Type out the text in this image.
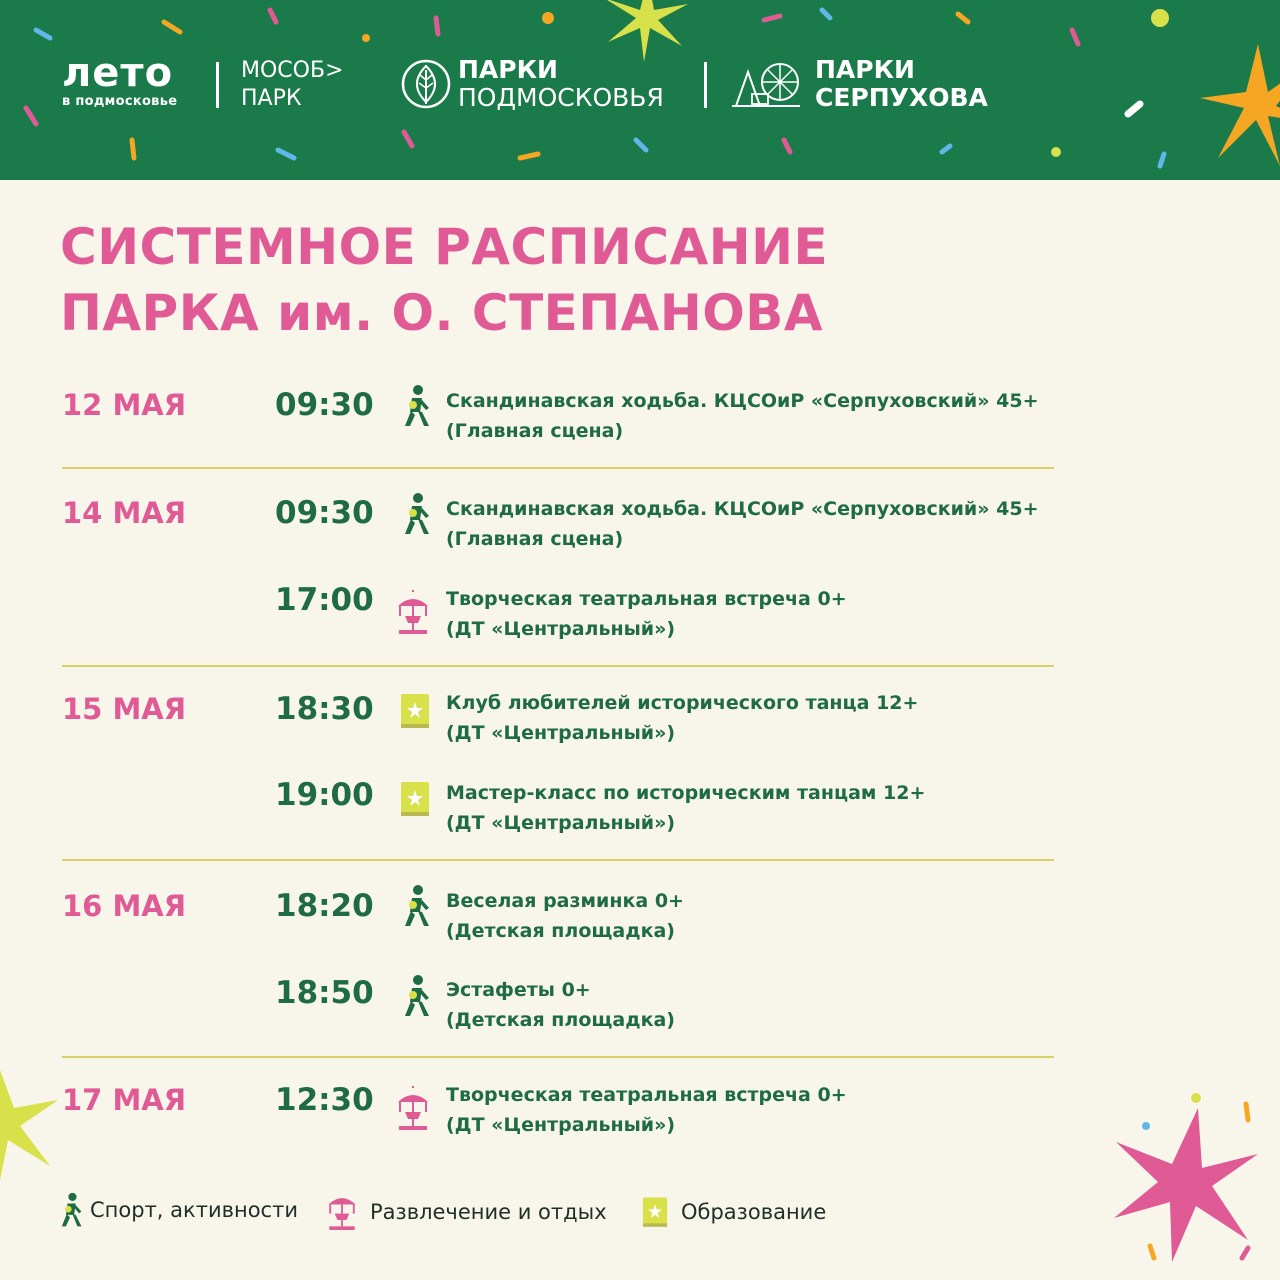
лето
в подмосковье
МОСОБ>
ПАРК
ПАРКИ
ПОДМОСКОВЬЯ
ПАРКИ
СЕРПУХОВА
СИСТЕМНОЕ РАСПИСАНИЕ
ПАРКА им. О. СТЕПАНОВА
12 МАЯ	09:30	Скандинавская ходьба. КЦСОиР «Серпуховский» 45+
(Главная сцена)
14 МАЯ	09:30	Скандинавская ходьба. КЦСОиР «Серпуховский» 45+
(Главная сцена)
17:00	Творческая театральная встреча 0+
(ДТ «Центральный»)
15 МАЯ	18:30	Клуб любителей исторического танца 12+
(ДТ «Центральный»)
19:00	Мастер-класс по историческим танцам 12+
(ДТ «Центральный»)
16 МАЯ	18:20	Веселая разминка 0+
(Детская площадка)
18:50	Эстафеты 0+
(Детская площадка)
17 МАЯ	12:30	Творческая театральная встреча 0+
(ДТ «Центральный»)
Спорт, активности	Развлечение и отдых	Образование
